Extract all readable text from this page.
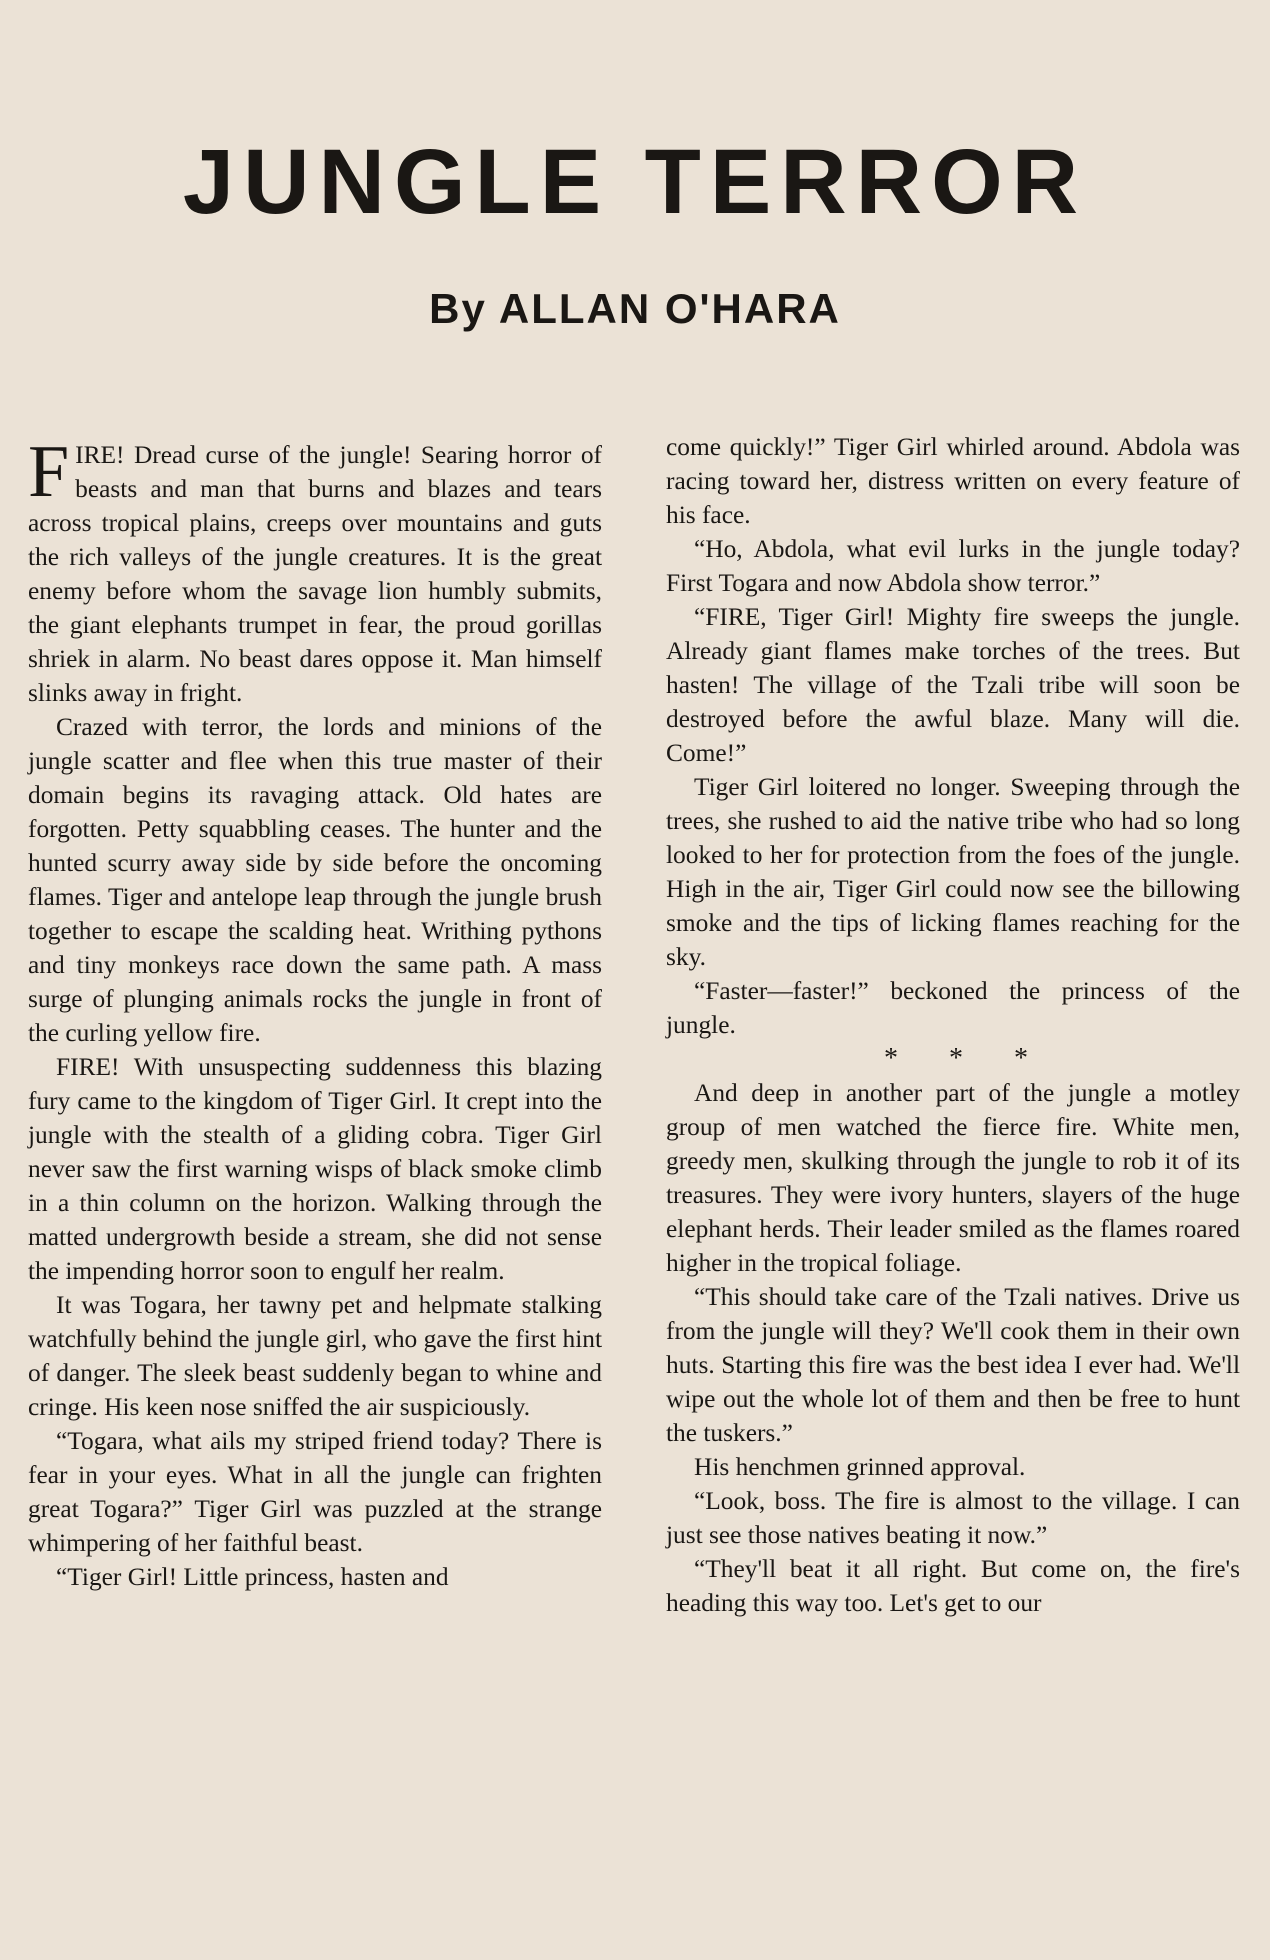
JUNGLE TERROR
By ALLAN O'HARA

FIRE! Dread curse of the jungle! Searing horror of beasts and man that burns and blazes and tears across tropical plains, creeps over mountains and guts the rich valleys of the jungle creatures. It is the great enemy before whom the savage lion humbly submits, the giant elephants trumpet in fear, the proud gorillas shriek in alarm. No beast dares oppose it. Man himself slinks away in fright.

Crazed with terror, the lords and minions of the jungle scatter and flee when this true master of their domain begins its ravaging attack. Old hates are forgotten. Petty squabbling ceases. The hunter and the hunted scurry away side by side before the oncoming flames. Tiger and antelope leap through the jungle brush together to escape the scalding heat. Writhing pythons and tiny monkeys race down the same path. A mass surge of plunging animals rocks the jungle in front of the curling yellow fire.

FIRE! With unsuspecting suddenness this blazing fury came to the kingdom of Tiger Girl. It crept into the jungle with the stealth of a gliding cobra. Tiger Girl never saw the first warning wisps of black smoke climb in a thin column on the horizon. Walking through the matted undergrowth beside a stream, she did not sense the impending horror soon to engulf her realm.

It was Togara, her tawny pet and helpmate stalking watchfully behind the jungle girl, who gave the first hint of danger. The sleek beast suddenly began to whine and cringe. His keen nose sniffed the air suspiciously.

“Togara, what ails my striped friend today? There is fear in your eyes. What in all the jungle can frighten great Togara?” Tiger Girl was puzzled at the strange whimpering of her faithful beast.

“Tiger Girl! Little princess, hasten and

come quickly!” Tiger Girl whirled around. Abdola was racing toward her, distress written on every feature of his face.

“Ho, Abdola, what evil lurks in the jungle today? First Togara and now Abdola show terror.”

“FIRE, Tiger Girl! Mighty fire sweeps the jungle. Already giant flames make torches of the trees. But hasten! The village of the Tzali tribe will soon be destroyed before the awful blaze. Many will die. Come!”

Tiger Girl loitered no longer. Sweeping through the trees, she rushed to aid the native tribe who had so long looked to her for protection from the foes of the jungle. High in the air, Tiger Girl could now see the billowing smoke and the tips of licking flames reaching for the sky.

“Faster—faster!” beckoned the princess of the jungle.

* * *

And deep in another part of the jungle a motley group of men watched the fierce fire. White men, greedy men, skulking through the jungle to rob it of its treasures. They were ivory hunters, slayers of the huge elephant herds. Their leader smiled as the flames roared higher in the tropical foliage.

“This should take care of the Tzali natives. Drive us from the jungle will they? We'll cook them in their own huts. Starting this fire was the best idea I ever had. We'll wipe out the whole lot of them and then be free to hunt the tuskers.”

His henchmen grinned approval.

“Look, boss. The fire is almost to the village. I can just see those natives beating it now.”

“They'll beat it all right. But come on, the fire's heading this way too. Let's get to our
